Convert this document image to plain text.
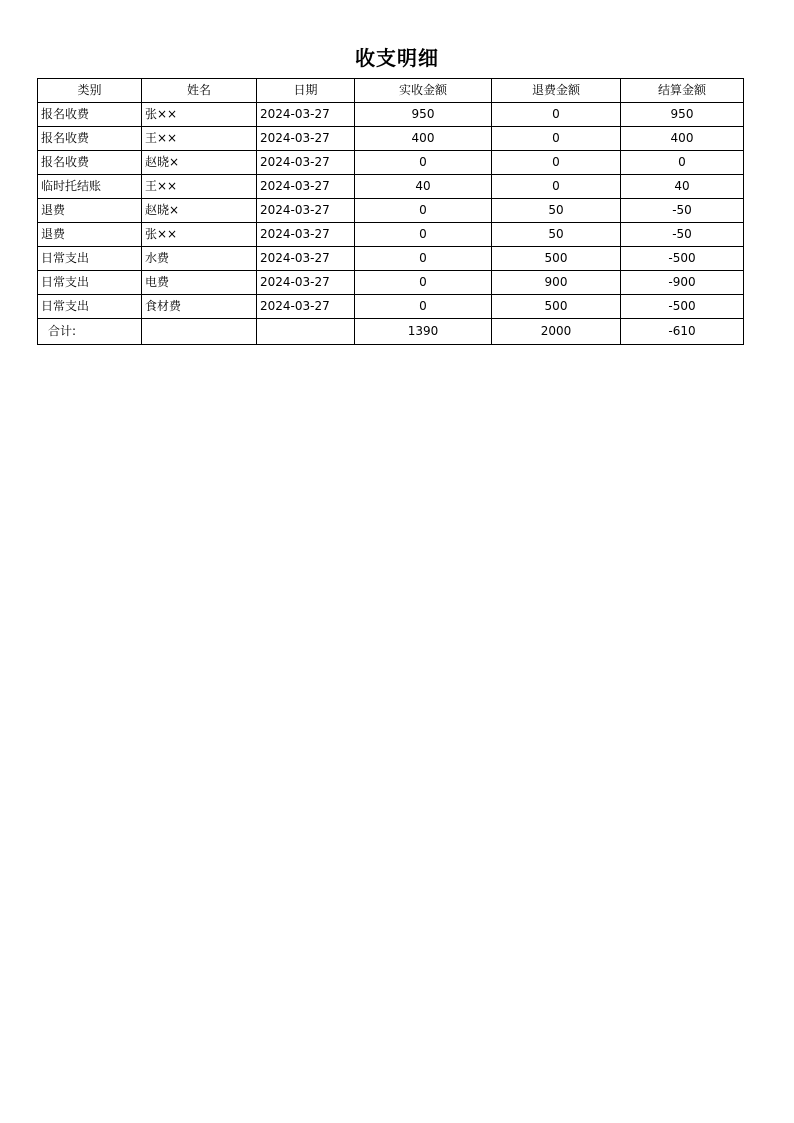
收支明细
类别	姓名	日期	实收金额	退费金额	结算金额
报名收费	张××	2024-03-27	950	0	950
报名收费	王××	2024-03-27	400	0	400
报名收费	赵晓×	2024-03-27	0	0	0
临时托结账	王××	2024-03-27	40	0	40
退费	赵晓×	2024-03-27	0	50	-50
退费	张××	2024-03-27	0	50	-50
日常支出	水费	2024-03-27	0	500	-500
日常支出	电费	2024-03-27	0	900	-900
日常支出	食材费	2024-03-27	0	500	-500
合计:			1390	2000	-610
